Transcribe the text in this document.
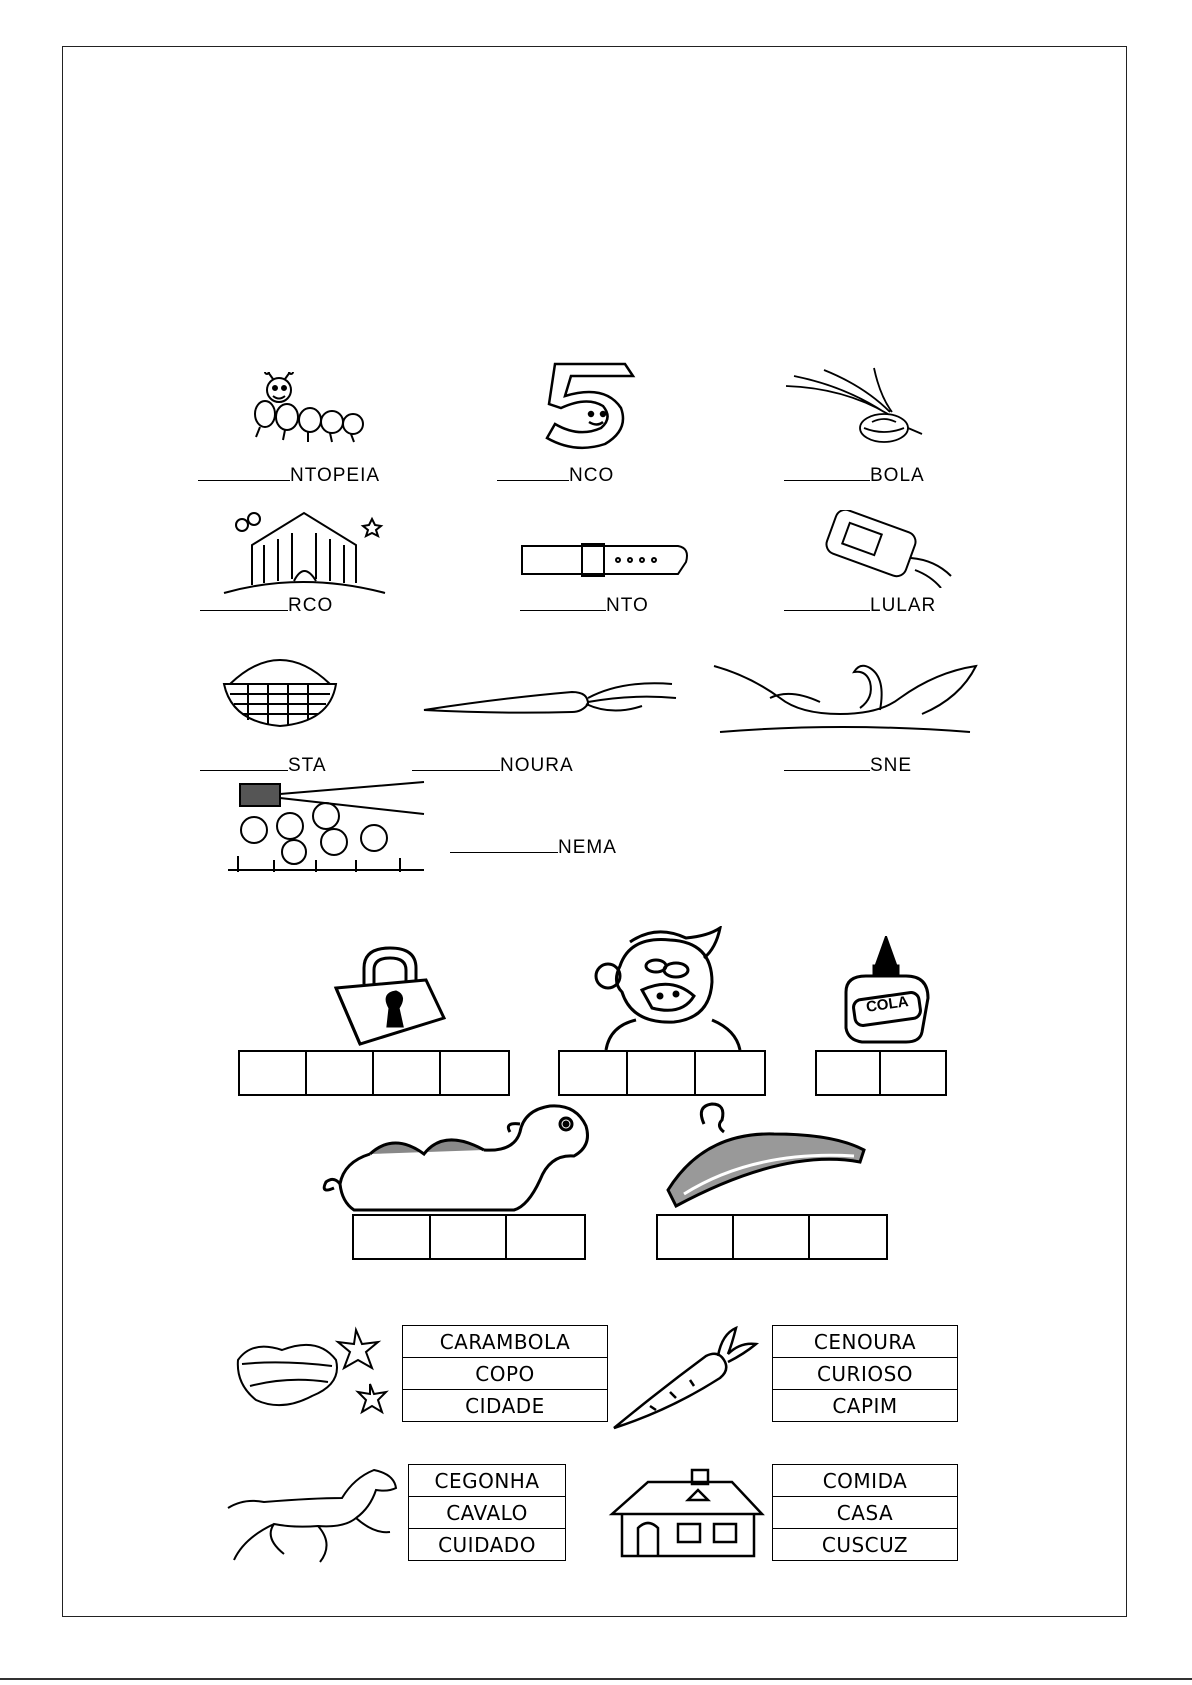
NTOPEIA	NCO	BOLA
RCO	NTO	LULAR
STA	NOURA	SNE
NEMA
COLA
CARAMBOLA
COPO
CIDADE
CENOURA
CURIOSO
CAPIM
CEGONHA
CAVALO
CUIDADO
COMIDA
CASA
CUSCUZ
